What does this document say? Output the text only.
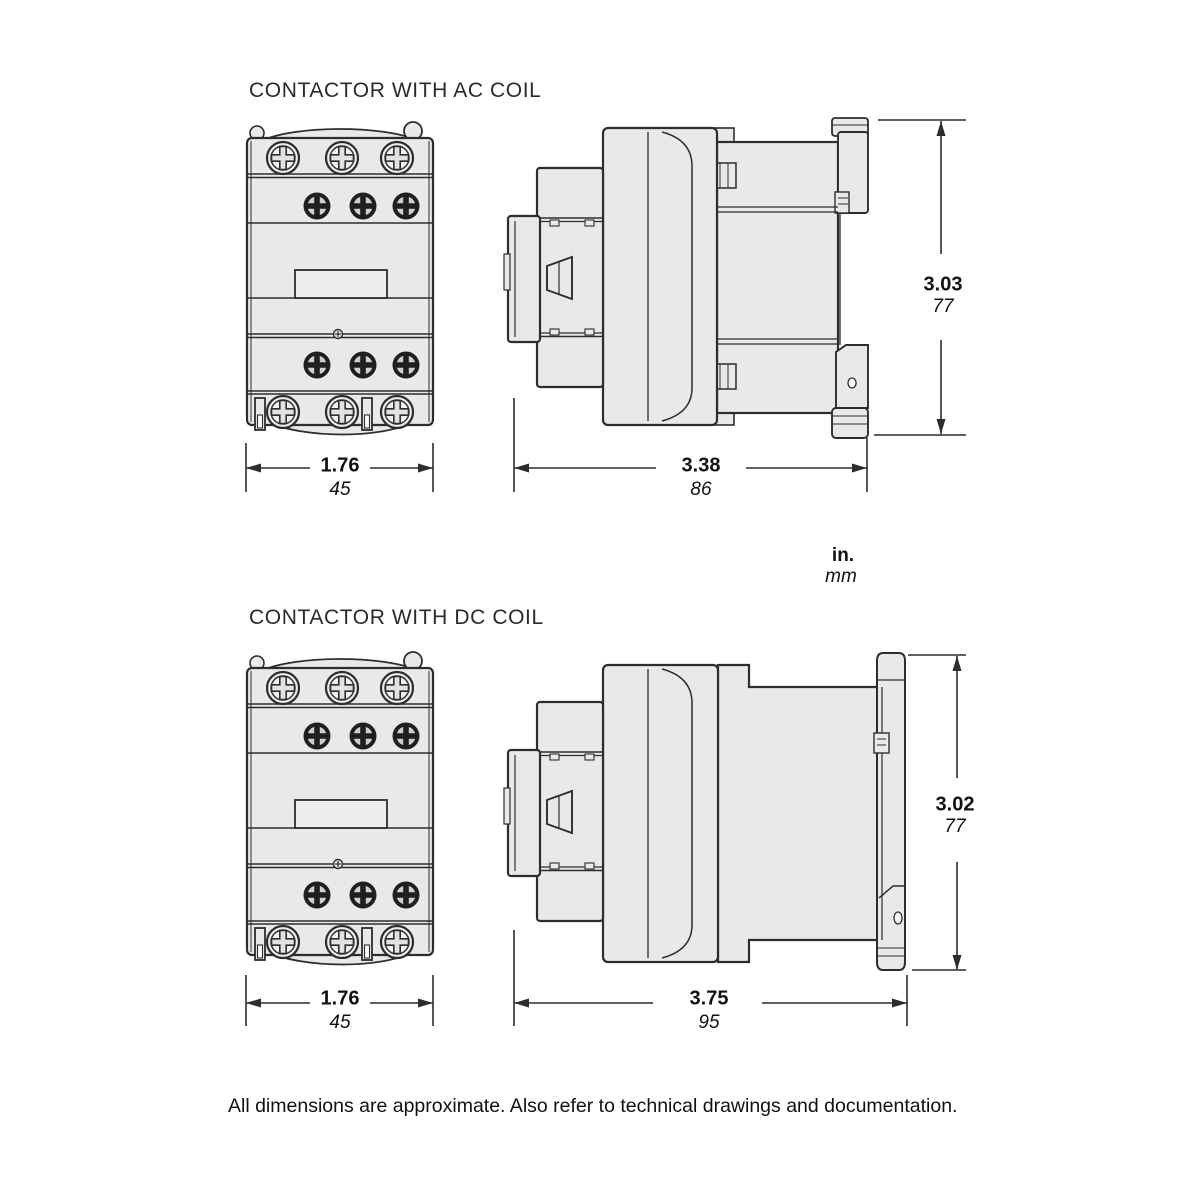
CONTACTOR WITH AC COIL
CONTACTOR WITH DC COIL
1.76
45
3.38
86
3.03
77
in.
mm
1.76
45
3.75
95
3.02
77
All dimensions are approximate. Also refer to technical drawings and documentation.
